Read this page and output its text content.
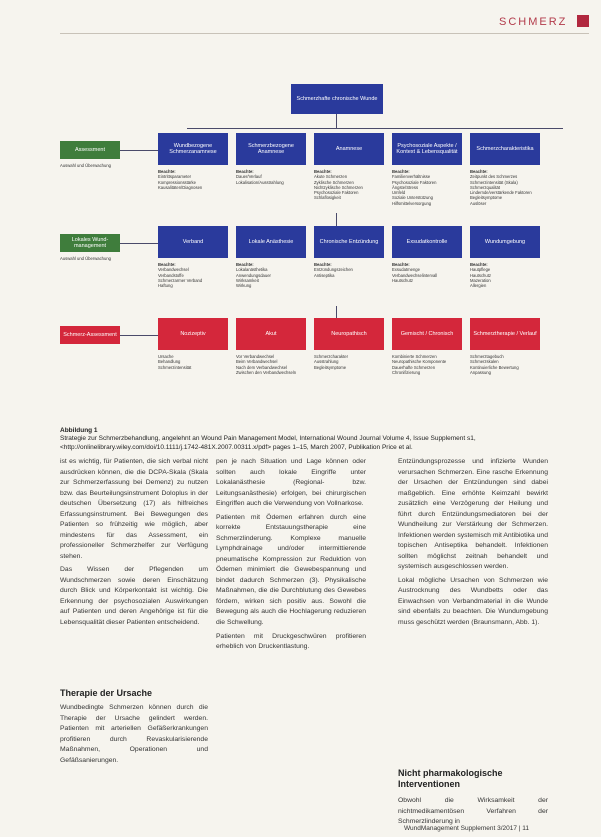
SCHMERZ
Schmerzhafte chronische Wunde
Assessment
Auswahl und Überwachung
Wundbezogene Schmerzanamnese
Beachte:
Eintrittsparameter
Kompressionsstärke
Kausalitäten/Diagnosen
Schmerzbezogene Anamnese
Beachte:
Dauer/Verlauf
Lokalisation/Ausstrahlung
Anamnese
Beachte:
Akute Schmerzen
Zyklische Schmerzen
Nichtzyklische Schmerzen
Psychosoziale Faktoren
Schlaflosigkeit
Psychosoziale Aspekte / Kontext & Lebensqualität
Beachte:
Familienverhältnisse
Psychosoziale Faktoren
Ängste/Stress
Umfeld
Soziale Unterstützung
Hilfsmittelversorgung
Schmerzcharakteristika
Beachte:
Zeitpunkt des Schmerzes
Schmerzintensität (Skala)
Schmerzqualität
Lindernde/verstärkende Faktoren
Begleitsymptome
Auslöser
Lokales Wund-management
Auswahl und Überwachung
Verband
Beachte:
Verbandwechsel
Verbandstoffe
Schmerzarmer Verband
Haftung
Lokale Anästhesie
Beachte:
Lokalanästhetika
Anwendungsdauer
Wirksamkeit
Wirkung
Chronische Entzündung
Beachte:
Entzündungszeichen
Antiseptika
Exsudatkontrolle
Beachte:
Exsudatmenge
Verbandwechselintervall
Hautschutz
Wundumgebung
Beachte:
Hautpflege
Hautschutz
Mazeration
Allergien
Schmerz-Assessment	Nozizeptiv
Ursache
Behandlung
Schmerzintensität
Akut
Vor Verbandwechsel
Beim Verbandwechsel
Nach dem Verbandwechsel
Zwischen den Verbandwechseln
Neuropathisch
Schmerzcharakter
Ausstrahlung
Begleitsymptome
Gemischt / Chronisch
Kombinierte Schmerzen
Neuropathische Komponente
Dauerhafte Schmerzen
Chronifizierung
Schmerztherapie / Verlauf
Schmerztagebuch
Schmerzskalen
Kontinuierliche Bewertung
Anpassung
Abbildung 1
Strategie zur Schmerzbehandlung, angelehnt an Wound Pain Management Model, International Wound Journal Volume 4, Issue Supplement s1, <http://onlinelibrary.wiley.com/doi/10.1111/j.1742-481X.2007.00311.x/pdf> pages 1–15, March 2007, Publikation Price et al.

ist es wichtig, für Patienten, die sich verbal nicht ausdrücken können, die die DCPA-Skala (Skala zur Schmerzerfassung bei Demenz) zu nutzen bzw. das Beurteilungsinstrument Doloplus in der deutschen Übersetzung (17) als hilfreiches Erfassungsinstrument. Bei Bewegungen des Patienten so frühzeitig wie möglich, aber mindestens für das Assessment, ein professioneller Schmerzhelfer zur Verfügung stehen.

Das Wissen der Pflegenden um Wundschmerzen sowie deren Einschätzung durch Blick und Körperkontakt ist wichtig. Die Erkennung der psychosozialen Auswirkungen auf Patienten und deren Angehörige ist für die Lebensqualität dieser Patienten entscheidend.

Therapie der Ursache

Wundbedingte Schmerzen können durch die Therapie der Ursache gelindert werden. Patienten mit arteriellen Gefäßerkrankungen profitieren durch Revaskularisierende Maßnahmen, Operationen und Gefäßsanierungen.

pen je nach Situation und Lage können oder sollten auch lokale Eingriffe unter Lokalanästhesie (Regional- bzw. Leitungsanästhesie) erfolgen, bei chirurgischen Eingriffen auch die Verwendung von Vollnarkose.

Patienten mit Ödemen erfahren durch eine korrekte Entstauungstherapie eine Schmerzlinderung. Komplexe manuelle Lymphdrainage und/oder intermittierende pneumatische Kompression zur Reduktion von Ödemen minimiert die Gewebespannung und bindet dadurch Schmerzen (3). Physikalische Maßnahmen, die die Durchblutung des Gewebes fördern, wirken sich positiv aus. Sowohl die Bewegung als auch die Hochlagerung reduzieren die Schwellung.

Patienten mit Druckgeschwüren profitieren erheblich von Druckentlastung.

Entzündungsprozesse und infizierte Wunden verursachen Schmerzen. Eine rasche Erkennung der Ursachen der Entzündungen sind dabei maßgeblich. Eine erhöhte Keimzahl bewirkt zusätzlich eine Verzögerung der Heilung und führt durch Entzündungsmediatoren bei der Wundheilung zur Verstärkung der Schmerzen. Infektionen werden systemisch mit Antibiotika und topischen Antiseptika behandelt. Infektionen sollten möglichst zeitnah behandelt und systemisch ausgeschlossen werden.

Lokal mögliche Ursachen von Schmerzen wie Austrocknung des Wundbetts oder das Einwachsen von Verbandmaterial in die Wunde sind ebenfalls zu beachten. Die Wundumgebung muss geschützt werden (Braunsmann, Abb. 1).

Nicht pharmakologische Interventionen

Obwohl die Wirksamkeit der nichtmedikamentösen Verfahren der Schmerzlinderung in

WundManagement Supplement 3/2017 | 11
